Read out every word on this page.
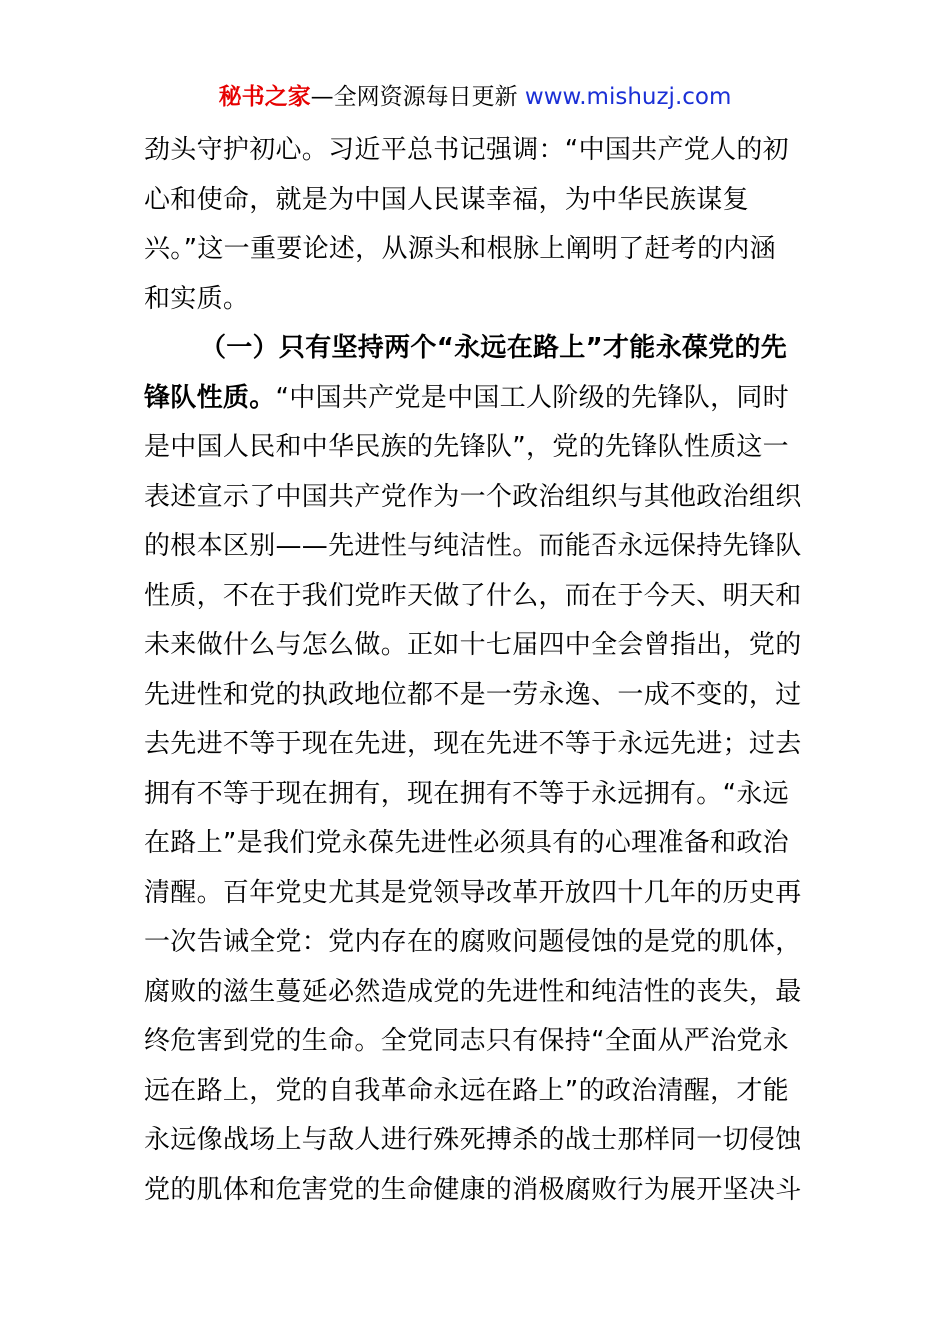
秘书之家—全网资源每日更新 www.mishuzj.com
劲头守护初心。习近平总书记强调：“中国共产党人的初
心和使命，就是为中国人民谋幸福，为中华民族谋复
兴。”这一重要论述，从源头和根脉上阐明了赶考的内涵
和实质。
（一）只有坚持两个“永远在路上”才能永葆党的先
锋队性质。“中国共产党是中国工人阶级的先锋队，同时
是中国人民和中华民族的先锋队”，党的先锋队性质这一
表述宣示了中国共产党作为一个政治组织与其他政治组织
的根本区别——先进性与纯洁性。而能否永远保持先锋队
性质，不在于我们党昨天做了什么，而在于今天、明天和
未来做什么与怎么做。正如十七届四中全会曾指出，党的
先进性和党的执政地位都不是一劳永逸、一成不变的，过
去先进不等于现在先进，现在先进不等于永远先进；过去
拥有不等于现在拥有，现在拥有不等于永远拥有。“永远
在路上”是我们党永葆先进性必须具有的心理准备和政治
清醒。百年党史尤其是党领导改革开放四十几年的历史再
一次告诫全党：党内存在的腐败问题侵蚀的是党的肌体，
腐败的滋生蔓延必然造成党的先进性和纯洁性的丧失，最
终危害到党的生命。全党同志只有保持“全面从严治党永
远在路上，党的自我革命永远在路上”的政治清醒，才能
永远像战场上与敌人进行殊死搏杀的战士那样同一切侵蚀
党的肌体和危害党的生命健康的消极腐败行为展开坚决斗
